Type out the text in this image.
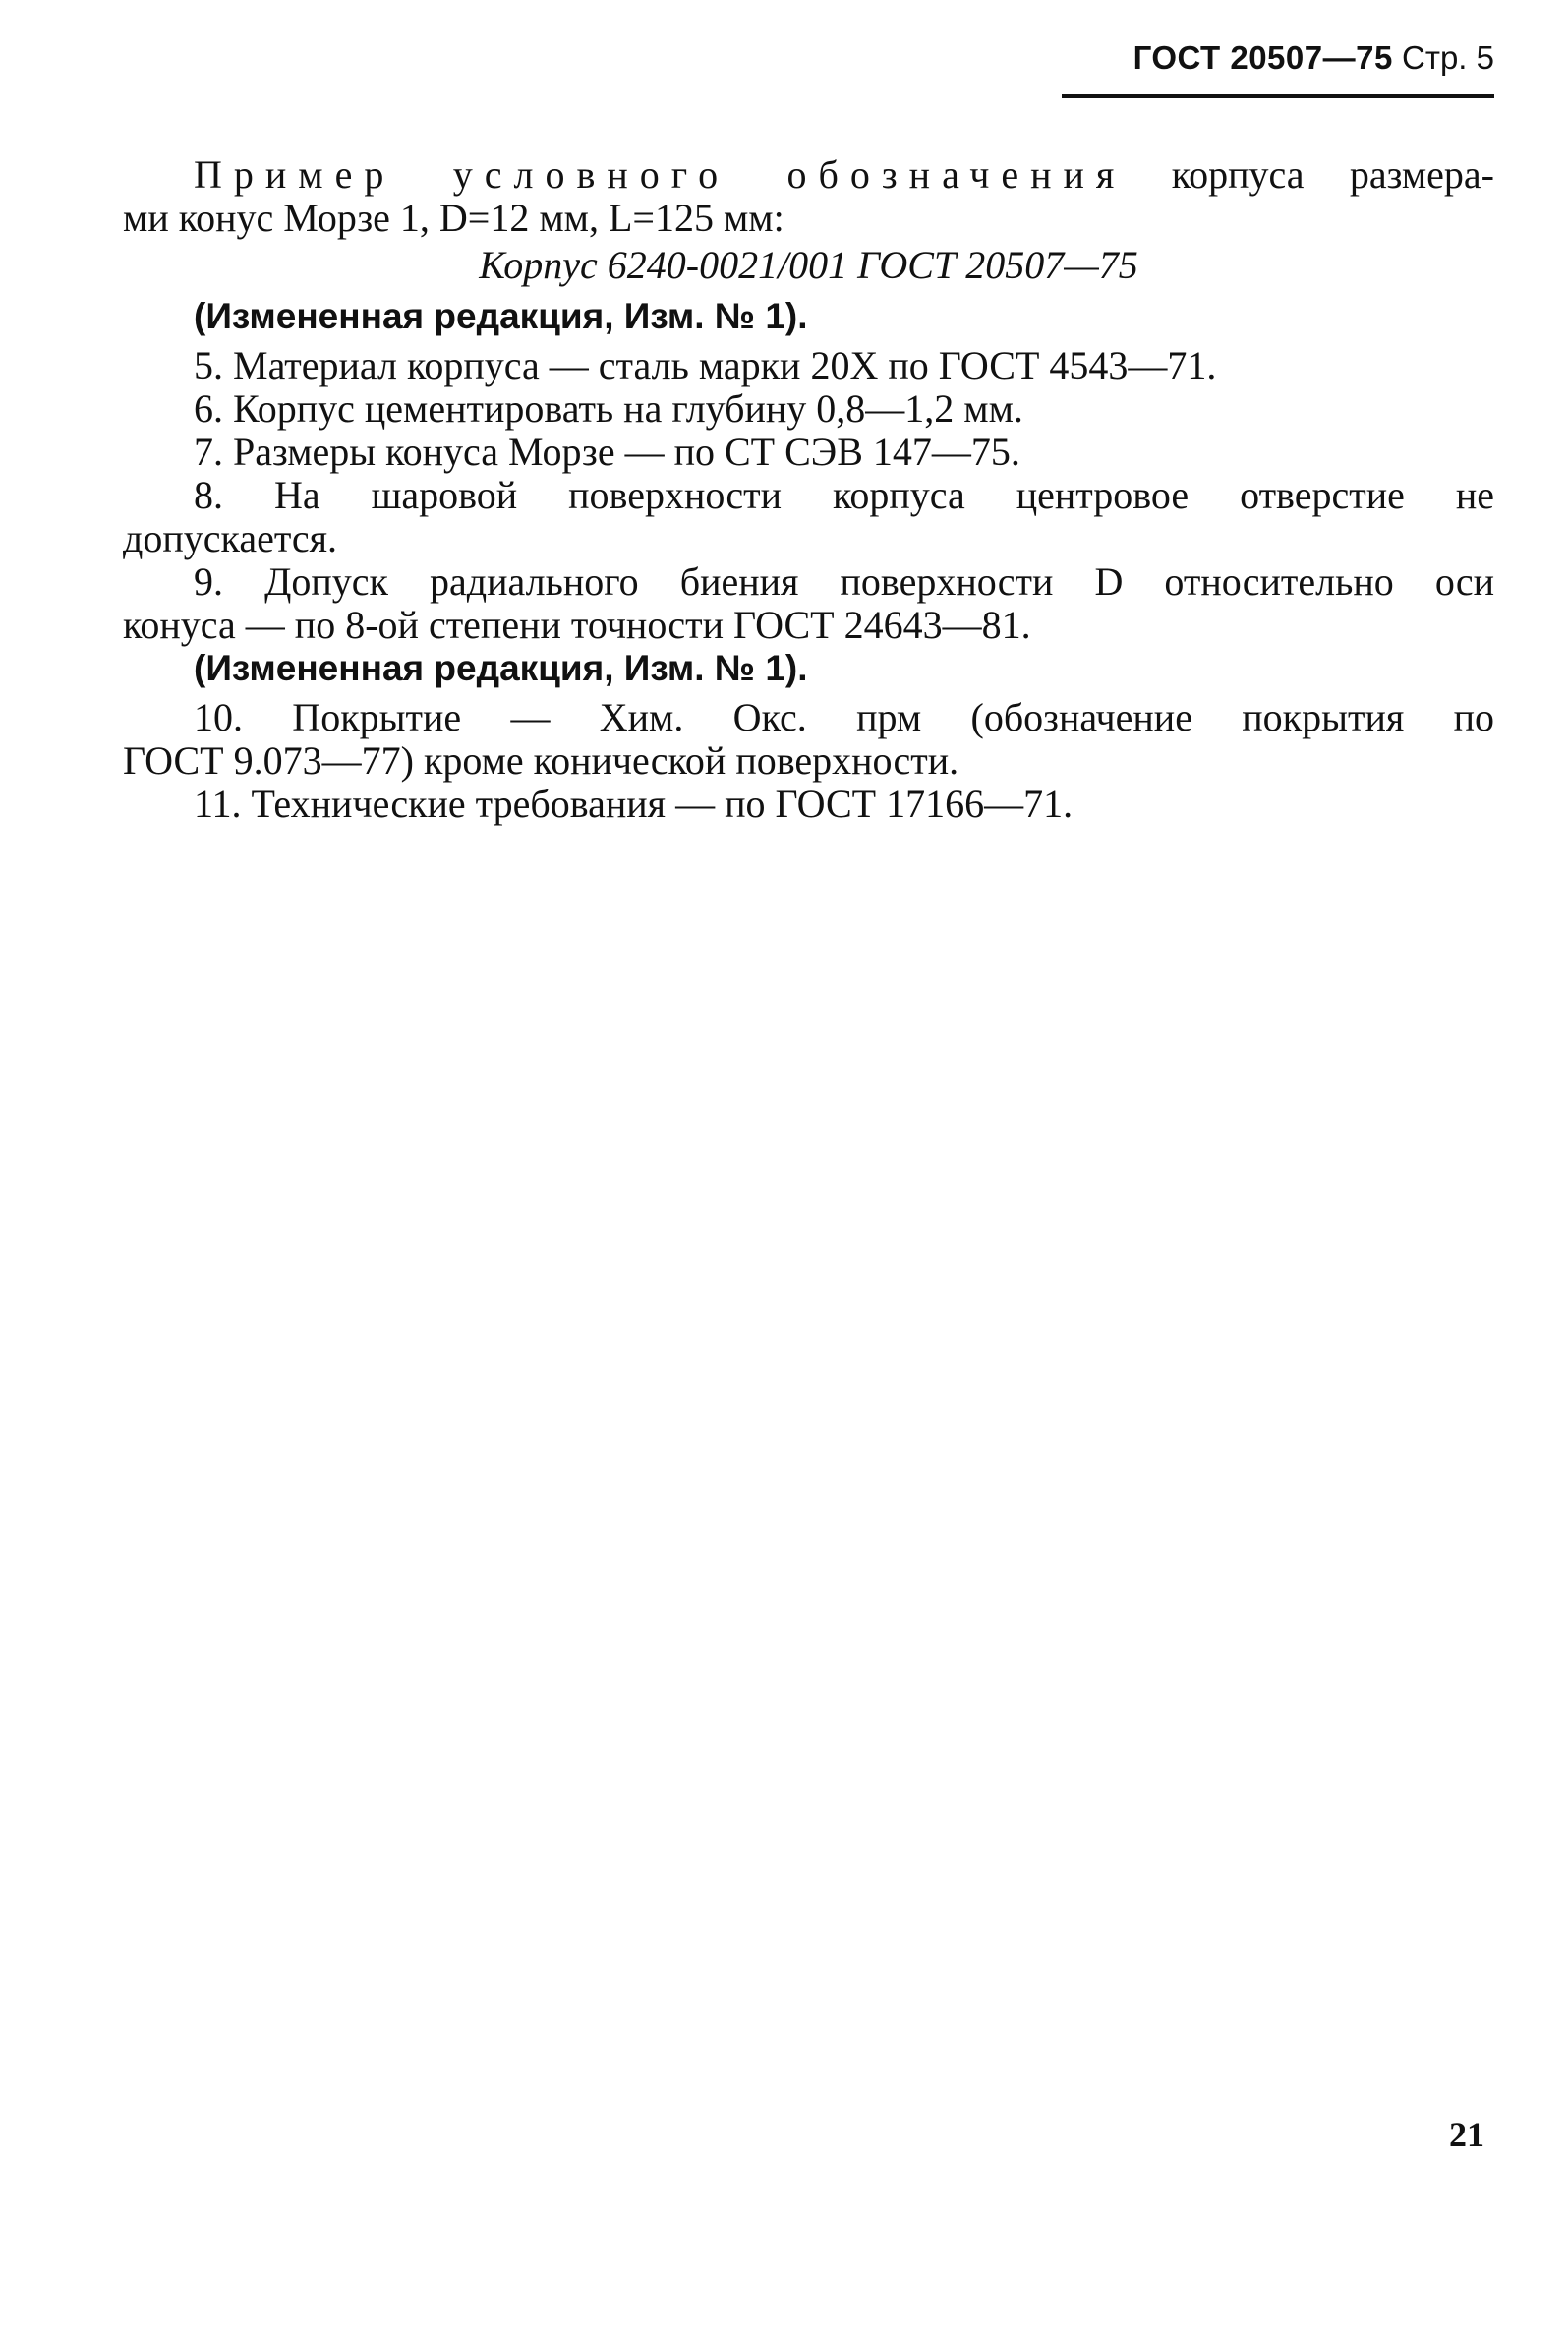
ГОСТ 20507—75 Стр. 5
Пример условного обозначения корпуса размера-
ми конус Морзе 1, D=12 мм, L=125 мм:
Корпус 6240-0021/001 ГОСТ 20507—75
(Измененная редакция, Изм. № 1).
5. Материал корпуса — сталь марки 20Х по ГОСТ 4543—71.
6. Корпус цементировать на глубину 0,8—1,2 мм.
7. Размеры конуса Морзе — по СТ СЭВ 147—75.
8. На шаровой поверхности корпуса центровое отверстие не
допускается.
9. Допуск радиального биения поверхности D относительно оси
конуса — по 8-ой степени точности ГОСТ 24643—81.
(Измененная редакция, Изм. № 1).
10. Покрытие — Хим. Окс. прм (обозначение покрытия по
ГОСТ 9.073—77) кроме конической поверхности.
11. Технические требования — по ГОСТ 17166—71.
21
